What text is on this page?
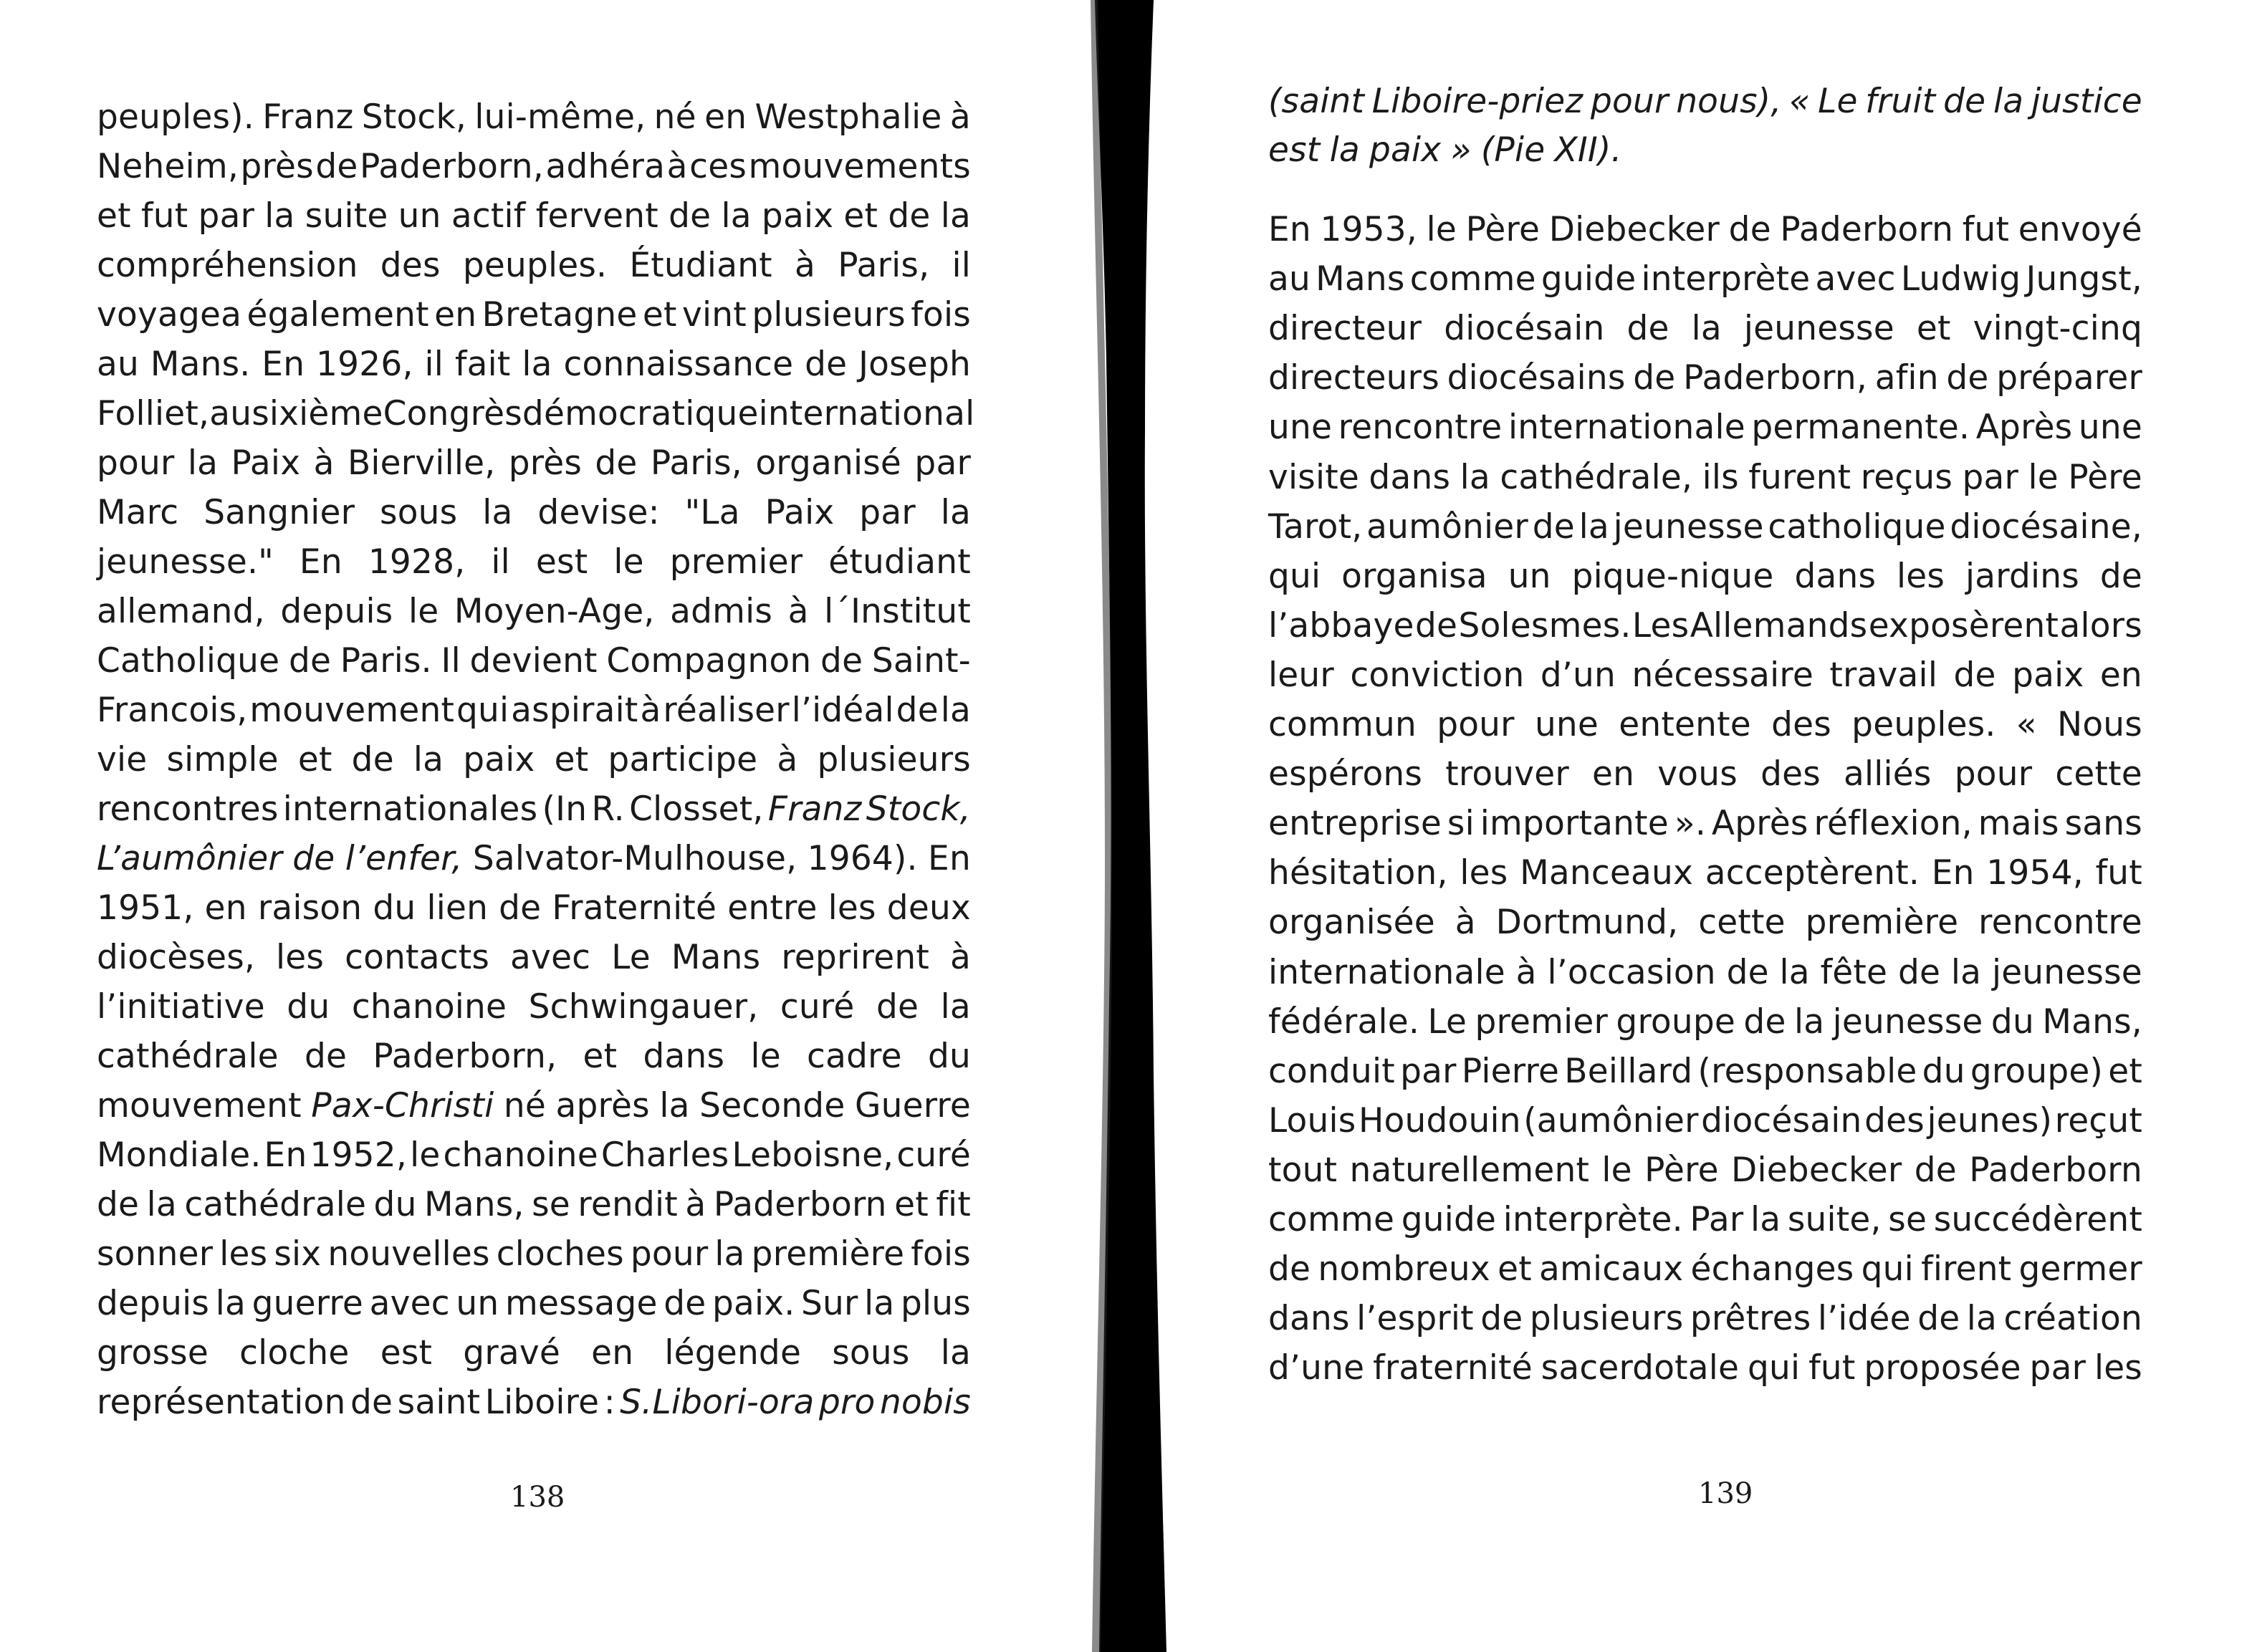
peuples). Franz Stock, lui-même, né en Westphalie à
Neheim, près de Paderborn, adhéra à ces mouvements
et fut par la suite un actif fervent de la paix et de la
compréhension des peuples. Étudiant à Paris, il
voyagea également en Bretagne et vint plusieurs fois
au Mans. En 1926, il fait la connaissance de Joseph
Folliet, au sixième Congrès démocratique international
pour la Paix à Bierville, près de Paris, organisé par
Marc Sangnier sous la devise: "La Paix par la
jeunesse." En 1928, il est le premier étudiant
allemand, depuis le Moyen-Age, admis à l´Institut
Catholique de Paris. Il devient Compagnon de Saint-
Francois, mouvement qui aspirait à réaliser l’idéal de la
vie simple et de la paix et participe à plusieurs
rencontres internationales (In R. Closset, Franz Stock,
L’aumônier de l’enfer, Salvator-Mulhouse, 1964). En
1951, en raison du lien de Fraternité entre les deux
diocèses, les contacts avec Le Mans reprirent à
l’initiative du chanoine Schwingauer, curé de la
cathédrale de Paderborn, et dans le cadre du
mouvement Pax-Christi né après la Seconde Guerre
Mondiale. En 1952, le chanoine Charles Leboisne, curé
de la cathédrale du Mans, se rendit à Paderborn et fit
sonner les six nouvelles cloches pour la première fois
depuis la guerre avec un message de paix. Sur la plus
grosse cloche est gravé en légende sous la
représentation de saint Liboire : S.Libori-ora pro nobis
138
(saint Liboire-priez pour nous), « Le fruit de la justice
est la paix » (Pie XII).
En 1953, le Père Diebecker de Paderborn fut envoyé
au Mans comme guide interprète avec Ludwig Jungst,
directeur diocésain de la jeunesse et vingt-cinq
directeurs diocésains de Paderborn, afin de préparer
une rencontre internationale permanente. Après une
visite dans la cathédrale, ils furent reçus par le Père
Tarot, aumônier de la jeunesse catholique diocésaine,
qui organisa un pique-nique dans les jardins de
l’abbaye de Solesmes. Les Allemands exposèrent alors
leur conviction d’un nécessaire travail de paix en
commun pour une entente des peuples. « Nous
espérons trouver en vous des alliés pour cette
entreprise si importante ». Après réflexion, mais sans
hésitation, les Manceaux acceptèrent. En 1954, fut
organisée à Dortmund, cette première rencontre
internationale à l’occasion de la fête de la jeunesse
fédérale. Le premier groupe de la jeunesse du Mans,
conduit par Pierre Beillard (responsable du groupe) et
Louis Houdouin (aumônier diocésain des jeunes) reçut
tout naturellement le Père Diebecker de Paderborn
comme guide interprète. Par la suite, se succédèrent
de nombreux et amicaux échanges qui firent germer
dans l’esprit de plusieurs prêtres l’idée de la création
d’une fraternité sacerdotale qui fut proposée par les
139
